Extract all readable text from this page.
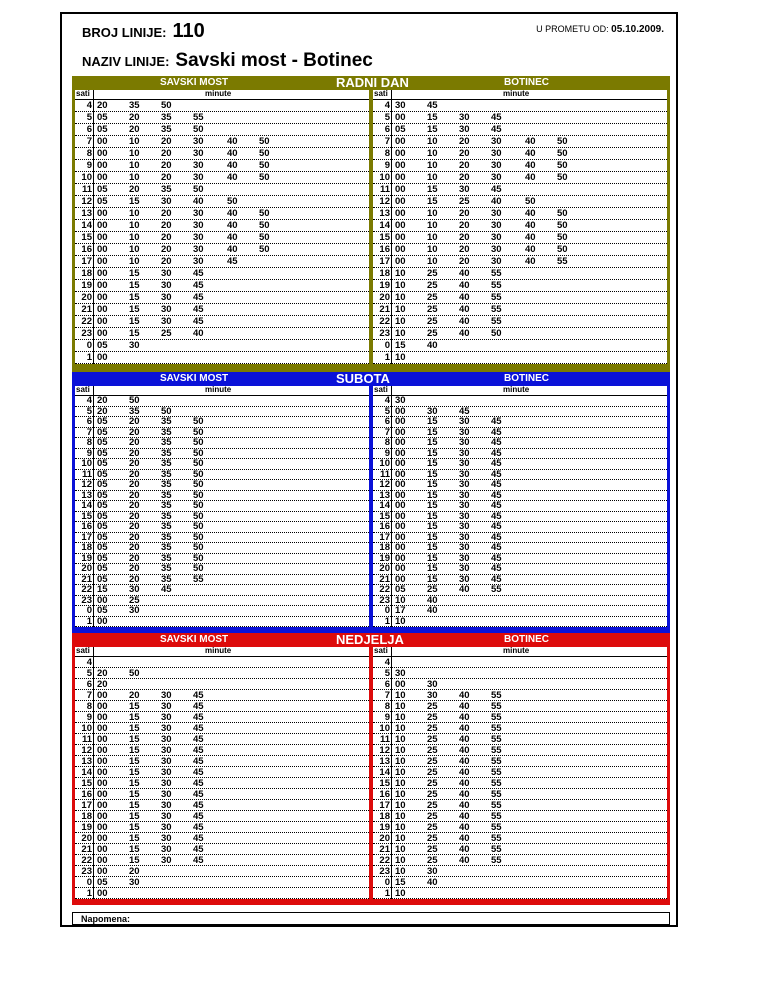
BROJ LINIJE: 110
NAZIV LINIJE: Savski most - Botinec
U PROMETU OD: 05.10.2009.
SAVSKI MOST	RADNI DAN	BOTINEC
sati	minute
4 20 35 50
5 05 20 35 55
6 05 20 35 50
7 00 10 20 30 40 50
8 00 10 20 30 40 50
9 00 10 20 30 40 50
10 00 10 20 30 40 50
11 05 20 35 50
12 05 15 30 40 50
13 00 10 20 30 40 50
14 00 10 20 30 40 50
15 00 10 20 30 40 50
16 00 10 20 30 40 50
17 00 10 20 30 45
18 00 15 30 45
19 00 15 30 45
20 00 15 30 45
21 00 15 30 45
22 00 15 30 45
23 00 15 25 40
0 05 30
1 00
sati	minute
4 30 45
5 00 15 30 45
6 05 15 30 45
7 00 10 20 30 40 50
8 00 10 20 30 40 50
9 00 10 20 30 40 50
10 00 10 20 30 40 50
11 00 15 30 45
12 00 15 25 40 50
13 00 10 20 30 40 50
14 00 10 20 30 40 50
15 00 10 20 30 40 50
16 00 10 20 30 40 50
17 00 10 20 30 40 55
18 10 25 40 55
19 10 25 40 55
20 10 25 40 55
21 10 25 40 55
22 10 25 40 55
23 10 25 40 50
0 15 40
1 10
SAVSKI MOST	SUBOTA	BOTINEC
sati	minute
4 20 50
5 20 35 50
6 05 20 35 50
7 05 20 35 50
8 05 20 35 50
9 05 20 35 50
10 05 20 35 50
11 05 20 35 50
12 05 20 35 50
13 05 20 35 50
14 05 20 35 50
15 05 20 35 50
16 05 20 35 50
17 05 20 35 50
18 05 20 35 50
19 05 20 35 50
20 05 20 35 50
21 05 20 35 55
22 15 30 45
23 00 25
0 05 30
1 00
sati	minute
4 30
5 00 30 45
6 00 15 30 45
7 00 15 30 45
8 00 15 30 45
9 00 15 30 45
10 00 15 30 45
11 00 15 30 45
12 00 15 30 45
13 00 15 30 45
14 00 15 30 45
15 00 15 30 45
16 00 15 30 45
17 00 15 30 45
18 00 15 30 45
19 00 15 30 45
20 00 15 30 45
21 00 15 30 45
22 05 25 40 55
23 10 40
0 17 40
1 10
SAVSKI MOST	NEDJELJA	BOTINEC
sati	minute
4
5 20 50
6 20
7 00 20 30 45
8 00 15 30 45
9 00 15 30 45
10 00 15 30 45
11 00 15 30 45
12 00 15 30 45
13 00 15 30 45
14 00 15 30 45
15 00 15 30 45
16 00 15 30 45
17 00 15 30 45
18 00 15 30 45
19 00 15 30 45
20 00 15 30 45
21 00 15 30 45
22 00 15 30 45
23 00 20
0 05 30
1 00
sati	minute
4
5 30
6 00 30
7 10 30 40 55
8 10 25 40 55
9 10 25 40 55
10 10 25 40 55
11 10 25 40 55
12 10 25 40 55
13 10 25 40 55
14 10 25 40 55
15 10 25 40 55
16 10 25 40 55
17 10 25 40 55
18 10 25 40 55
19 10 25 40 55
20 10 25 40 55
21 10 25 40 55
22 10 25 40 55
23 10 30
0 15 40
1 10
Napomena:
